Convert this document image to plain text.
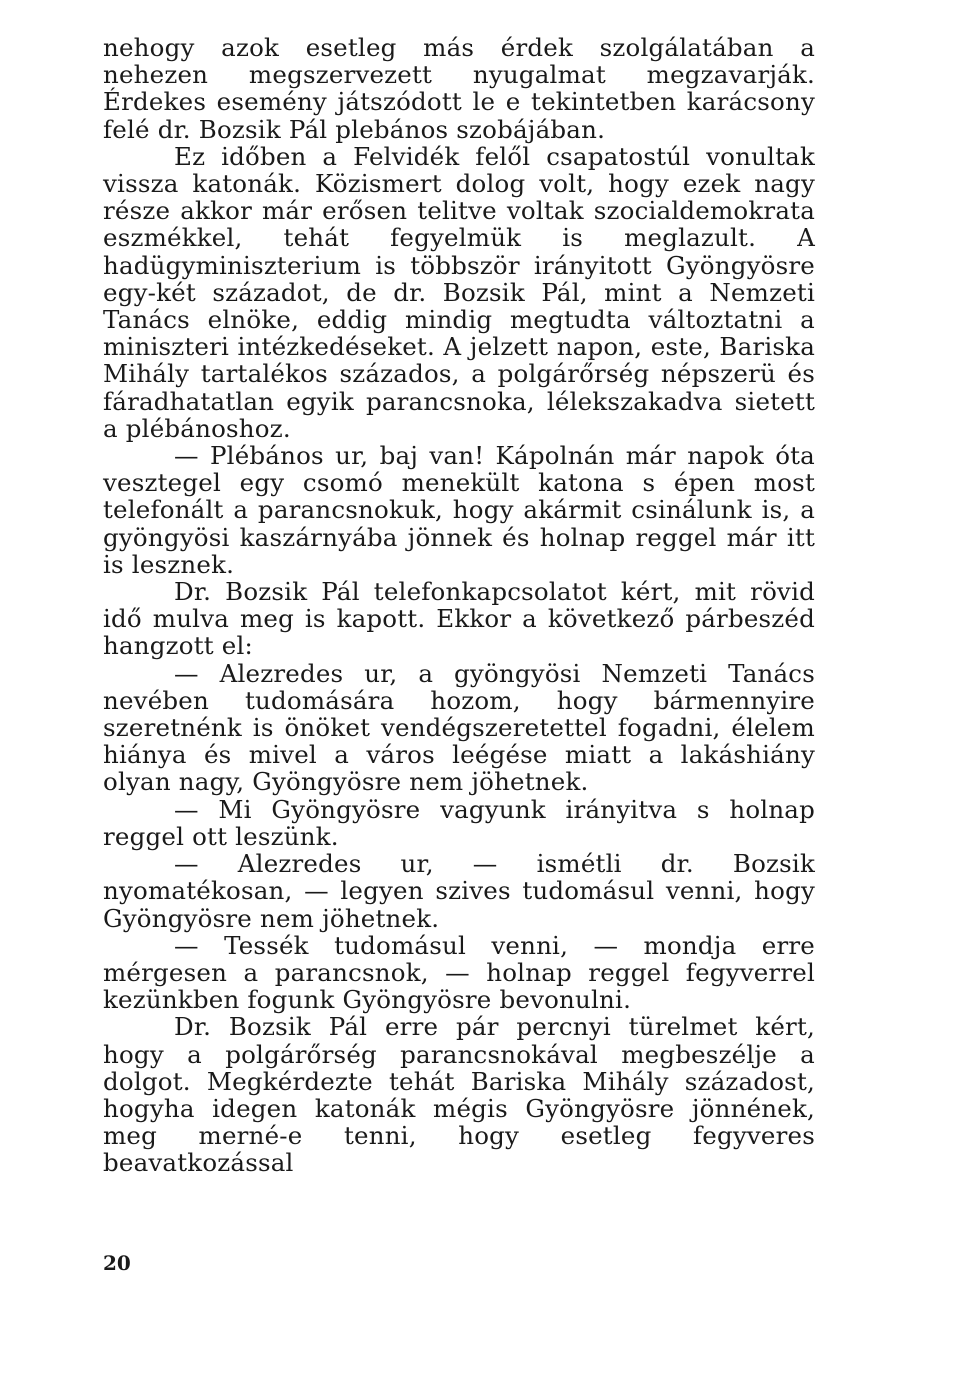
nehogy azok esetleg más érdek szolgálatában a nehezen megszervezett nyugalmat megzavarják. Érdekes esemény játszódott le e tekintetben karácsony felé dr. Bozsik Pál plebános szobájában.

Ez időben a Felvidék felől csapatostúl vonultak vissza katonák. Közismert dolog volt, hogy ezek nagy része akkor már erősen telitve voltak szocialdemokrata eszmékkel, tehát fegyelmük is meglazult. A hadügyminiszterium is többször irányitott Gyöngyösre egy-két századot, de dr. Bozsik Pál, mint a Nemzeti Tanács elnöke, eddig mindig megtudta változtatni a miniszteri intézkedéseket. A jelzett napon, este, Bariska Mihály tartalékos százados, a polgárőrség népszerü és fáradhatatlan egyik parancsnoka, lélekszakadva sietett a plébánoshoz.

— Plébános ur, baj van! Kápolnán már napok óta vesztegel egy csomó menekült katona s épen most telefonált a parancsnokuk, hogy akármit csinálunk is, a gyöngyösi kaszárnyába jönnek és holnap reggel már itt is lesznek.

Dr. Bozsik Pál telefonkapcsolatot kért, mit rövid idő mulva meg is kapott. Ekkor a következő párbeszéd hangzott el:

— Alezredes ur, a gyöngyösi Nemzeti Tanács nevében tudomására hozom, hogy bármennyire szeretnénk is önöket vendégszeretettel fogadni, élelem hiánya és mivel a város leégése miatt a lakáshiány olyan nagy, Gyöngyösre nem jöhetnek.

— Mi Gyöngyösre vagyunk irányitva s holnap reggel ott leszünk.

— Alezredes ur, — ismétli dr. Bozsik nyomatékosan, — legyen szives tudomásul venni, hogy Gyöngyösre nem jöhetnek.

— Tessék tudomásul venni, — mondja erre mérgesen a parancsnok, — holnap reggel fegyverrel kezünkben fogunk Gyöngyösre bevonulni.

Dr. Bozsik Pál erre pár percnyi türelmet kért, hogy a polgárőrség parancsnokával megbeszélje a dolgot. Megkérdezte tehát Bariska Mihály századost, hogyha idegen katonák mégis Gyöngyösre jönnének, meg merné-e tenni, hogy esetleg fegyveres beavatkozással

20
